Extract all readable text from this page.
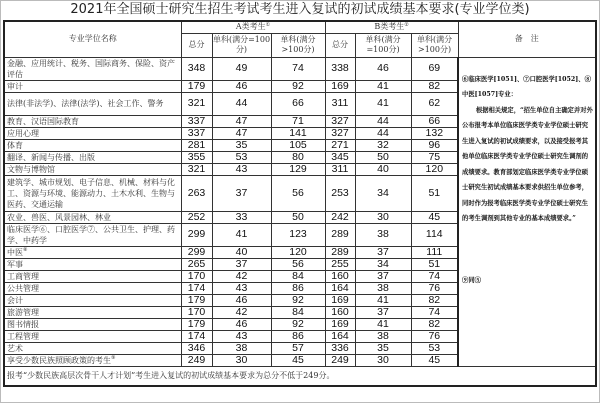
2021年全国硕士研究生招生考试考生进入复试的初试成绩基本要求(专业学位类)
专业学位名称	A类考生①			B类考生②			备　注
	总分	单科(满分=100分)	单科(满分>100分)	总分	单科(满分=100分)	单科(满分>100分)	
金融、应用统计、税务、国际商务、保险、资产评估	348	49	74	338	46	69	⑥临床医学[1051]、⑦口腔医学[1052]、⑧中医[1057]专业：

根据相关规定，“招生单位自主确定并对外公布报考本单位临床医学类专业学位硕士研究生进入复试的初试成绩要求，以及接受报考其他单位临床医学类专业学位硕士研究生调剂的成绩要求。教育部划定临床医学类专业学位硕士研究生初试成绩基本要求供招生单位参考，同时作为报考临床医学类专业学位硕士研究生的考生调剂到其他专业的基本成绩要求。”

⑨同⑤

审计	179	46	92	169	41	82	
法律(非法学)、法律(法学)、社会工作、警务	321	44	66	311	41	62	
教育、汉语国际教育	337	47	71	327	44	66	
应用心理	337	47	141	327	44	132	
体育	281	35	105	271	32	96	
翻译、新闻与传播、出版	355	53	80	345	50	75	
文物与博物馆	321	43	129	311	40	120	
建筑学、城市规划、电子信息、机械、材料与化工、资源与环境、能源动力、土木水利、生物与医药、交通运输	263	37	56	253	34	51	
农业、兽医、风景园林、林业	252	33	50	242	30	45	
临床医学⑥、口腔医学⑦、公共卫生、护理、药学、中药学	299	41	123	289	38	114	
中医⑧	299	40	120	289	37	111	
军事	265	37	56	255	34	51	
工商管理	170	42	84	160	37	74	
公共管理	174	43	86	164	38	76	
会计	179	46	92	169	41	82	
旅游管理	170	42	84	160	37	74	
图书情报	179	46	92	169	41	82	
工程管理	174	43	86	164	38	76	
艺术	346	38	57	336	35	53	
享受少数民族照顾政策的考生⑨	249	30	45	249	30	45	
报考“少数民族高层次骨干人才计划”考生进入复试的初试成绩基本要求为总分不低于249分。							
